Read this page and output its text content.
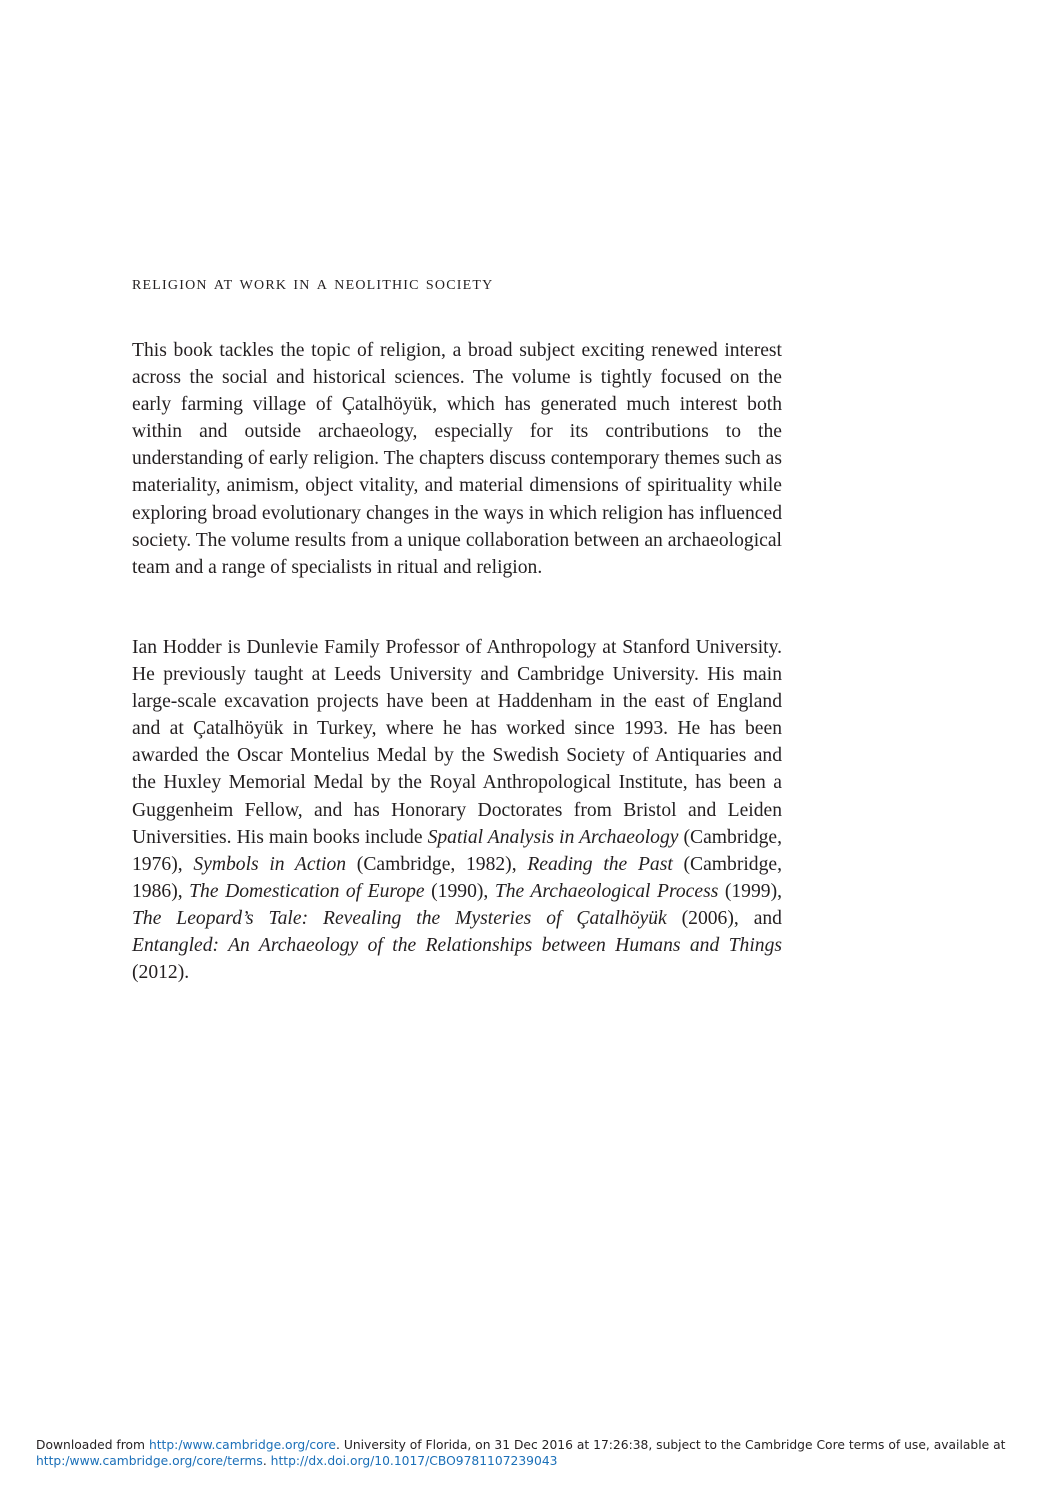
religion at work in a neolithic society

This book tackles the topic of religion, a broad subject exciting renewed interest across the social and historical sciences. The volume is tightly focused on the early farming village of Çatalhöyük, which has generated much interest both within and outside archaeology, especially for its contributions to the understanding of early religion. The chapters discuss contemporary themes such as materiality, animism, object vitality, and material dimensions of spirituality while exploring broad evolutionary changes in the ways in which religion has influenced society. The volume results from a unique collaboration between an archaeological team and a range of specialists in ritual and religion.

Ian Hodder is Dunlevie Family Professor of Anthropology at Stanford University. He previously taught at Leeds University and Cambridge University. His main large-scale excavation projects have been at Haddenham in the east of England and at Çatalhöyük in Turkey, where he has worked since 1993. He has been awarded the Oscar Montelius Medal by the Swedish Society of Antiquaries and the Huxley Memorial Medal by the Royal Anthropological Institute, has been a Guggenheim Fellow, and has Honorary Doctorates from Bristol and Leiden Universities. His main books include Spatial Analysis in Archaeology (Cambridge, 1976), Symbols in Action (Cambridge, 1982), Reading the Past (Cambridge, 1986), The Domestication of Europe (1990), The Archaeological Process (1999), The Leopard’s Tale: Revealing the Mysteries of Çatalhöyük (2006), and Entangled: An Archaeology of the Relationships between Humans and Things (2012).

Downloaded from http:/www.cambridge.org/core. University of Florida, on 31 Dec 2016 at 17:26:38, subject to the Cambridge Core terms of use, available at http:/www.cambridge.org/core/terms. http://dx.doi.org/10.1017/CBO9781107239043
